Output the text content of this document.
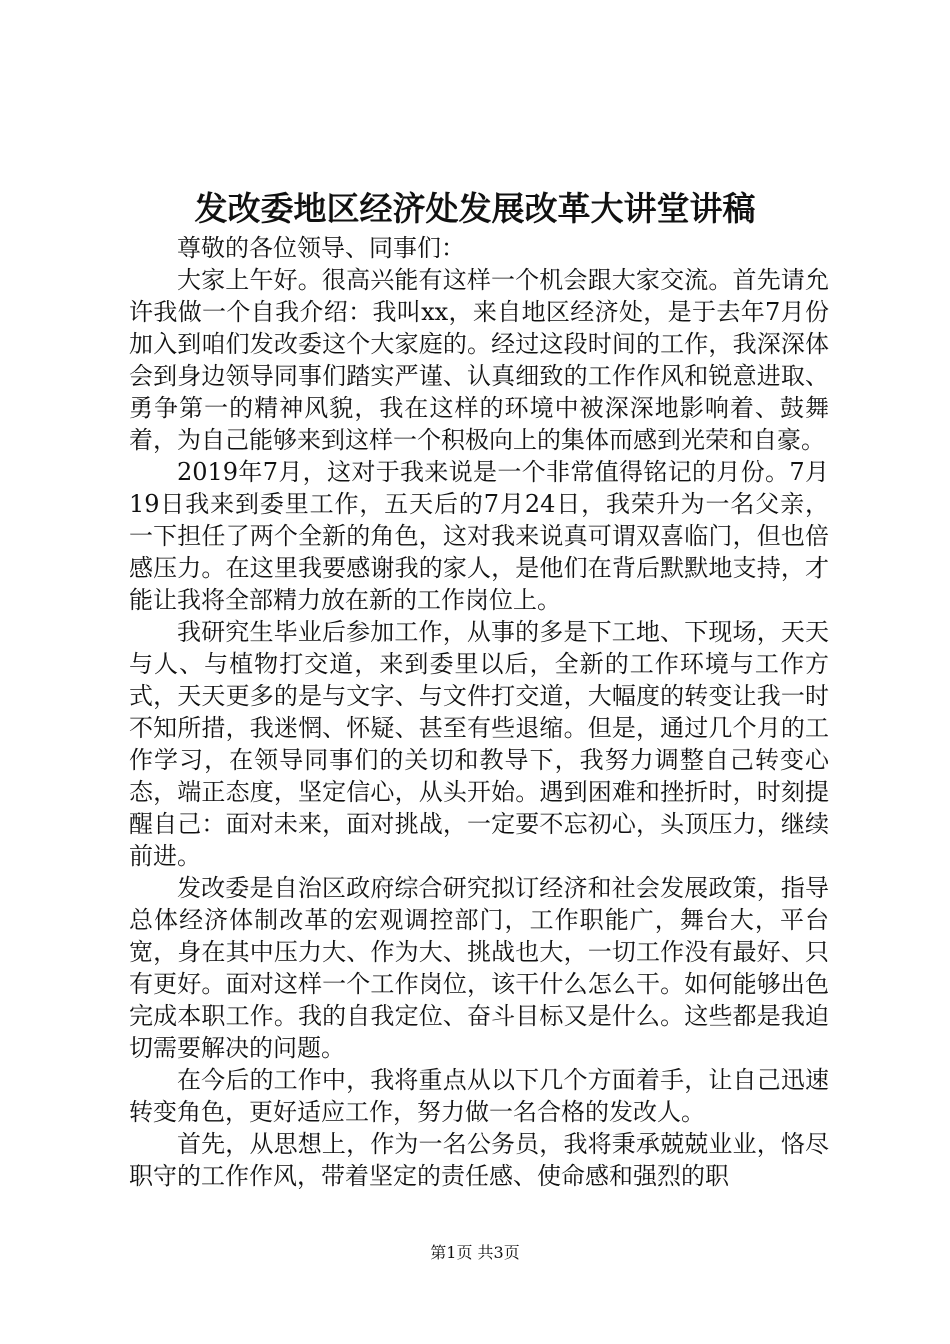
发改委地区经济处发展改革大讲堂讲稿

尊敬的各位领导、同事们：

大家上午好。很高兴能有这样一个机会跟大家交流。首先请允许我做一个自我介绍：我叫xx，来自地区经济处，是于去年7月份加入到咱们发改委这个大家庭的。经过这段时间的工作，我深深体会到身边领导同事们踏实严谨、认真细致的工作作风和锐意进取、勇争第一的精神风貌，我在这样的环境中被深深地影响着、鼓舞着，为自己能够来到这样一个积极向上的集体而感到光荣和自豪。

2019年7月，这对于我来说是一个非常值得铭记的月份。7月19日我来到委里工作，五天后的7月24日，我荣升为一名父亲，一下担任了两个全新的角色，这对我来说真可谓双喜临门，但也倍感压力。在这里我要感谢我的家人，是他们在背后默默地支持，才能让我将全部精力放在新的工作岗位上。

我研究生毕业后参加工作，从事的多是下工地、下现场，天天与人、与植物打交道，来到委里以后，全新的工作环境与工作方式，天天更多的是与文字、与文件打交道，大幅度的转变让我一时不知所措，我迷惘、怀疑、甚至有些退缩。但是，通过几个月的工作学习，在领导同事们的关切和教导下，我努力调整自己转变心态，端正态度，坚定信心，从头开始。遇到困难和挫折时，时刻提醒自己：面对未来，面对挑战，一定要不忘初心，头顶压力，继续前进。

发改委是自治区政府综合研究拟订经济和社会发展政策，指导总体经济体制改革的宏观调控部门，工作职能广，舞台大，平台宽，身在其中压力大、作为大、挑战也大，一切工作没有最好、只有更好。面对这样一个工作岗位，该干什么怎么干。如何能够出色完成本职工作。我的自我定位、奋斗目标又是什么。这些都是我迫切需要解决的问题。

在今后的工作中，我将重点从以下几个方面着手，让自己迅速转变角色，更好适应工作，努力做一名合格的发改人。

首先，从思想上，作为一名公务员，我将秉承兢兢业业，恪尽职守的工作作风，带着坚定的责任感、使命感和强烈的职

第1页 共3页
